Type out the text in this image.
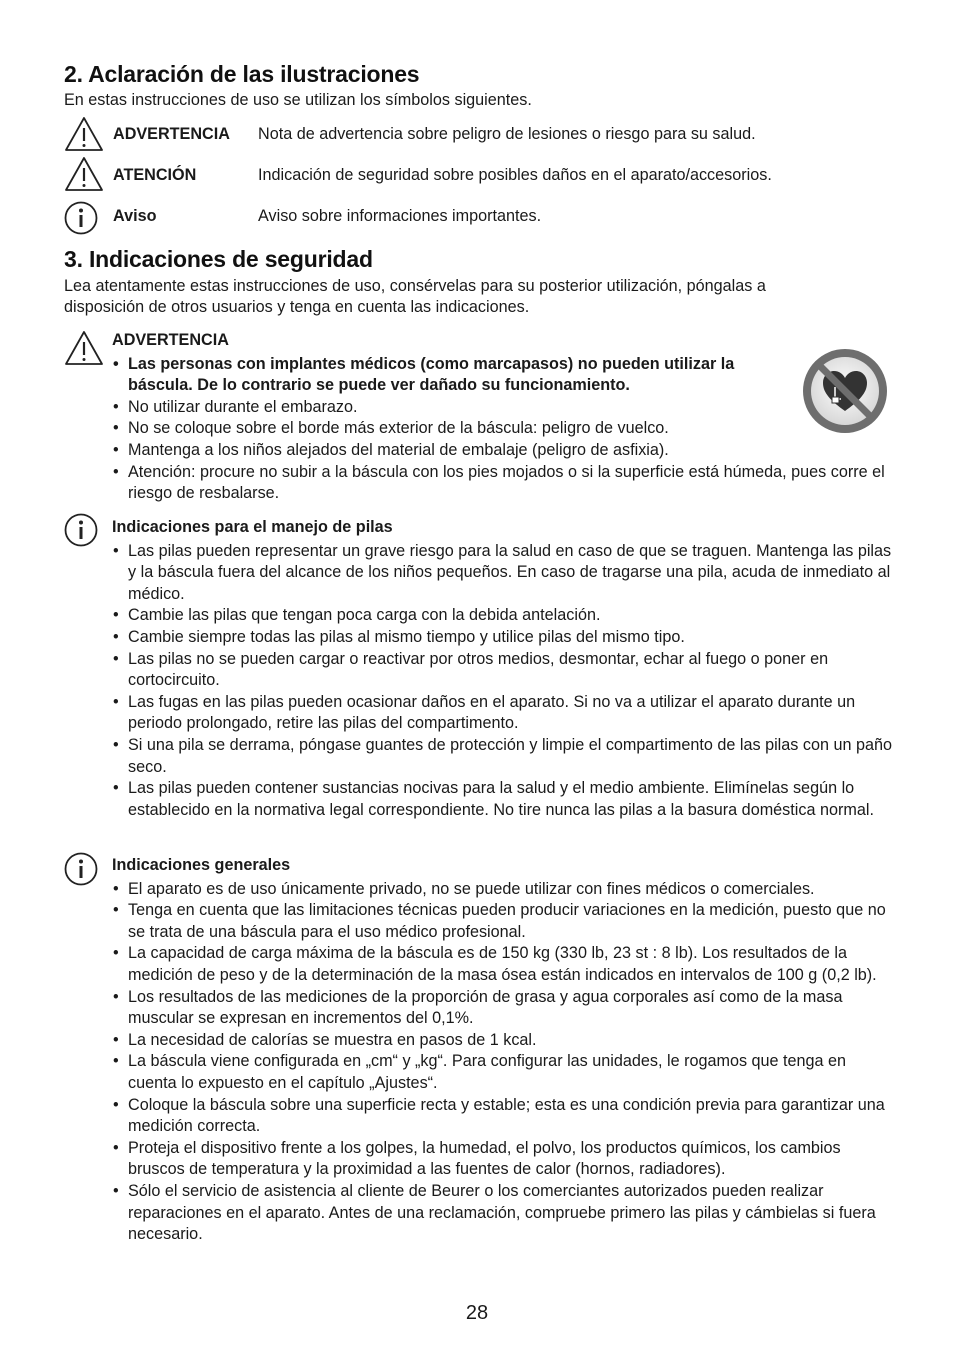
2. Aclaración de las ilustraciones
En estas instrucciones de uso se utilizan los símbolos siguientes.
ADVERTENCIA Nota de advertencia sobre peligro de lesiones o riesgo para su salud.
ATENCIÓN	Indicación de seguridad sobre posibles daños en el aparato/accesorios.
Aviso	Aviso sobre informaciones importantes.
3. Indicaciones de seguridad
Lea atentamente estas instrucciones de uso, consérvelas para su posterior utilización, póngalas a
disposición de otros usuarios y tenga en cuenta las indicaciones.
ADVERTENCIA
• Las personas con implantes médicos (como marcapasos) no pueden utilizar la báscula. De lo contrario se puede ver dañado su funcionamiento.
• No utilizar durante el embarazo.
• No se coloque sobre el borde más exterior de la báscula: peligro de vuelco.
• Mantenga a los niños alejados del material de embalaje (peligro de asfixia).
• Atención: procure no subir a la báscula con los pies mojados o si la superficie está húmeda, pues corre el riesgo de resbalarse.
Indicaciones para el manejo de pilas
• Las pilas pueden representar un grave riesgo para la salud en caso de que se traguen. Mantenga las pilas y la báscula fuera del alcance de los niños pequeños. En caso de tragarse una pila, acuda de inmediato al médico.
• Cambie las pilas que tengan poca carga con la debida antelación.
• Cambie siempre todas las pilas al mismo tiempo y utilice pilas del mismo tipo.
• Las pilas no se pueden cargar o reactivar por otros medios, desmontar, echar al fuego o poner en cortocircuito.
• Las fugas en las pilas pueden ocasionar daños en el aparato. Si no va a utilizar el aparato durante un periodo prolongado, retire las pilas del compartimento.
• Si una pila se derrama, póngase guantes de protección y limpie el compartimento de las pilas con un paño seco.
• Las pilas pueden contener sustancias nocivas para la salud y el medio ambiente. Elimínelas según lo establecido en la normativa legal correspondiente. No tire nunca las pilas a la basura doméstica normal.
Indicaciones generales
• El aparato es de uso únicamente privado, no se puede utilizar con fines médicos o comerciales.
• Tenga en cuenta que las limitaciones técnicas pueden producir variaciones en la medición, puesto que no se trata de una báscula para el uso médico profesional.
• La capacidad de carga máxima de la báscula es de 150 kg (330 lb, 23 st : 8 lb). Los resultados de la medición de peso y de la determinación de la masa ósea están indicados en intervalos de 100 g (0,2 lb).
• Los resultados de las mediciones de la proporción de grasa y agua corporales así como de la masa muscular se expresan en incrementos del 0,1%.
• La necesidad de calorías se muestra en pasos de 1 kcal.
• La báscula viene configurada en „cm“ y „kg“. Para configurar las unidades, le rogamos que tenga en cuenta lo expuesto en el capítulo „Ajustes“.
• Coloque la báscula sobre una superficie recta y estable; esta es una condición previa para garantizar una medición correcta.
• Proteja el dispositivo frente a los golpes, la humedad, el polvo, los productos químicos, los cambios bruscos de temperatura y la proximidad a las fuentes de calor (hornos, radiadores).
• Sólo el servicio de asistencia al cliente de Beurer o los comerciantes autorizados pueden realizar reparaciones en el aparato. Antes de una reclamación, compruebe primero las pilas y cámbielas si fuera necesario.
28
